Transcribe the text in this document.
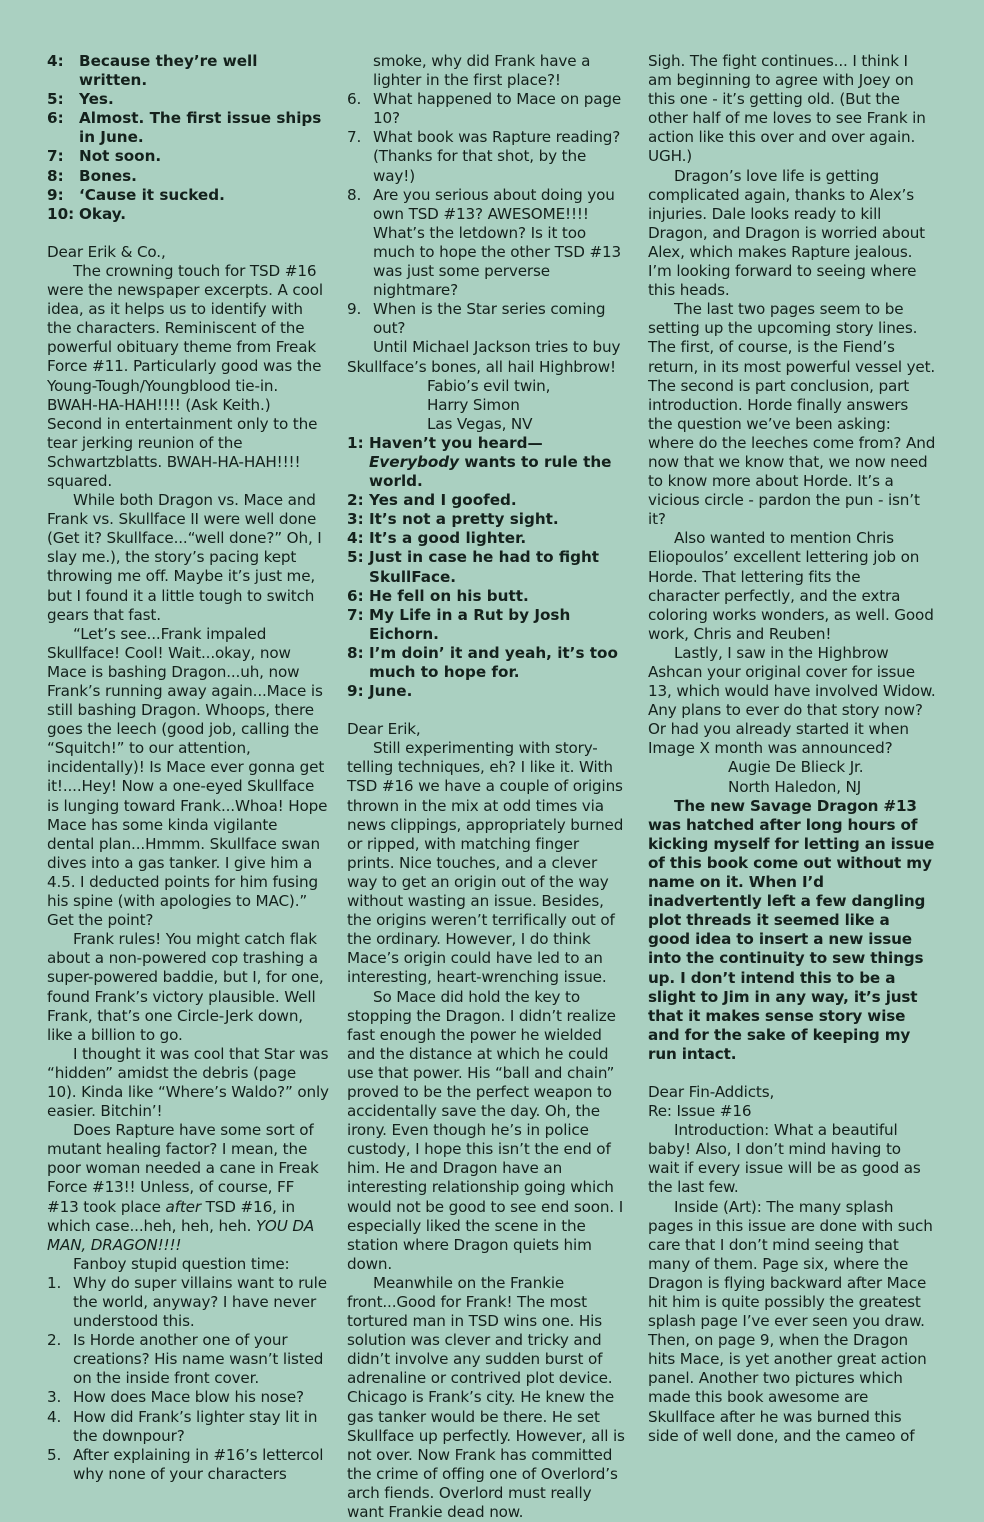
4:	Because they’re well written.
5:	Yes.
6:	Almost. The first issue ships in June.
7:	Not soon.
8:	Bones.
9:	‘Cause it sucked.
10: Okay.

Dear Erik & Co.,

The crowning touch for TSD #16 were the newspaper excerpts. A cool idea, as it helps us to identify with the characters. Reminiscent of the powerful obituary theme from Freak Force #11. Particularly good was the Young-Tough/Youngblood tie-in. BWAH-HA-HAH!!!! (Ask Keith.) Second in entertainment only to the tear jerking reunion of the Schwartzblatts. BWAH-HA-HAH!!!! squared.

While both Dragon vs. Mace and Frank vs. Skullface II were well done (Get it? Skullface...“well done?” Oh, I slay me.), the story’s pacing kept throwing me off. Maybe it’s just me, but I found it a little tough to switch gears that fast.

“Let’s see...Frank impaled Skullface! Cool! Wait...okay, now Mace is bashing Dragon...uh, now Frank’s running away again...Mace is still bashing Dragon. Whoops, there goes the leech (good job, calling the “Squitch!” to our attention, incidentally)! Is Mace ever gonna get it!....Hey! Now a one-eyed Skullface is lunging toward Frank...Whoa! Hope Mace has some kinda vigilante dental plan...Hmmm. Skullface swan dives into a gas tanker. I give him a 4.5. I deducted points for him fusing his spine (with apologies to MAC).” Get the point?

Frank rules! You might catch flak about a non-powered cop trashing a super-powered baddie, but I, for one, found Frank’s victory plausible. Well Frank, that’s one Circle-Jerk down, like a billion to go.

I thought it was cool that Star was “hidden” amidst the debris (page 10). Kinda like “Where’s Waldo?” only easier. Bitchin’!

Does Rapture have some sort of mutant healing factor? I mean, the poor woman needed a cane in Freak Force #13!! Unless, of course, FF #13 took place after TSD #16, in which case...heh, heh, heh. YOU DA MAN, DRAGON!!!!

Fanboy stupid question time:

1. Why do super villains want to rule the world, anyway? I have never understood this.
2. Is Horde another one of your creations? His name wasn’t listed on the inside front cover.
3. How does Mace blow his nose?
4. How did Frank’s lighter stay lit in the downpour?
5. After explaining in #16’s lettercol why none of your characters
smoke, why did Frank have a lighter in the first place?!
6. What happened to Mace on page 10?
7. What book was Rapture reading? (Thanks for that shot, by the way!)
8. Are you serious about doing you own TSD #13? AWESOME!!!! What’s the letdown? Is it too much to hope the other TSD #13 was just some perverse nightmare?
9. When is the Star series coming out?

Until Michael Jackson tries to buy Skullface’s bones, all hail Highbrow!

Fabio’s evil twin,

Harry Simon

Las Vegas, NV

1: Haven’t you heard— Everybody wants to rule the world.
2: Yes and I goofed.
3: It’s not a pretty sight.
4: It’s a good lighter.
5: Just in case he had to fight SkullFace.
6: He fell on his butt.
7: My Life in a Rut by Josh Eichorn.
8: I’m doin’ it and yeah, it’s too much to hope for.
9: June.

Dear Erik,

Still experimenting with story-telling techniques, eh? I like it. With TSD #16 we have a couple of origins thrown in the mix at odd times via news clippings, appropriately burned or ripped, with matching finger prints. Nice touches, and a clever way to get an origin out of the way without wasting an issue. Besides, the origins weren’t terrifically out of the ordinary. However, I do think Mace’s origin could have led to an interesting, heart-wrenching issue.

So Mace did hold the key to stopping the Dragon. I didn’t realize fast enough the power he wielded and the distance at which he could use that power. His “ball and chain” proved to be the perfect weapon to accidentally save the day. Oh, the irony. Even though he’s in police custody, I hope this isn’t the end of him. He and Dragon have an interesting relationship going which would not be good to see end soon. I especially liked the scene in the station where Dragon quiets him down.

Meanwhile on the Frankie front...Good for Frank! The most tortured man in TSD wins one. His solution was clever and tricky and didn’t involve any sudden burst of adrenaline or contrived plot device. Chicago is Frank’s city. He knew the gas tanker would be there. He set Skullface up perfectly. However, all is not over. Now Frank has committed the crime of offing one of Overlord’s arch fiends. Overlord must really want Frankie dead now.

Sigh. The fight continues... I think I am beginning to agree with Joey on this one - it’s getting old. (But the other half of me loves to see Frank in action like this over and over again. UGH.)

Dragon’s love life is getting complicated again, thanks to Alex’s injuries. Dale looks ready to kill Dragon, and Dragon is worried about Alex, which makes Rapture jealous. I’m looking forward to seeing where this heads.

The last two pages seem to be setting up the upcoming story lines. The first, of course, is the Fiend’s return, in its most powerful vessel yet. The second is part conclusion, part introduction. Horde finally answers the question we’ve been asking: where do the leeches come from? And now that we know that, we now need to know more about Horde. It’s a vicious circle - pardon the pun - isn’t it?

Also wanted to mention Chris Eliopoulos’ excellent lettering job on Horde. That lettering fits the character perfectly, and the extra coloring works wonders, as well. Good work, Chris and Reuben!

Lastly, I saw in the Highbrow Ashcan your original cover for issue 13, which would have involved Widow. Any plans to ever do that story now? Or had you already started it when Image X month was announced?

Augie De Blieck Jr.

North Haledon, NJ

The new Savage Dragon #13 was hatched after long hours of kicking myself for letting an issue of this book come out without my name on it. When I’d inadvertently left a few dangling plot threads it seemed like a good idea to insert a new issue into the continuity to sew things up. I don’t intend this to be a slight to Jim in any way, it’s just that it makes sense story wise and for the sake of keeping my run intact.

Dear Fin-Addicts,

Re: Issue #16

Introduction: What a beautiful baby! Also, I don’t mind having to wait if every issue will be as good as the last few.

Inside (Art): The many splash pages in this issue are done with such care that I don’t mind seeing that many of them. Page six, where the Dragon is flying backward after Mace hit him is quite possibly the greatest splash page I’ve ever seen you draw. Then, on page 9, when the Dragon hits Mace, is yet another great action panel. Another two pictures which made this book awesome are Skullface after he was burned this side of well done, and the cameo of
